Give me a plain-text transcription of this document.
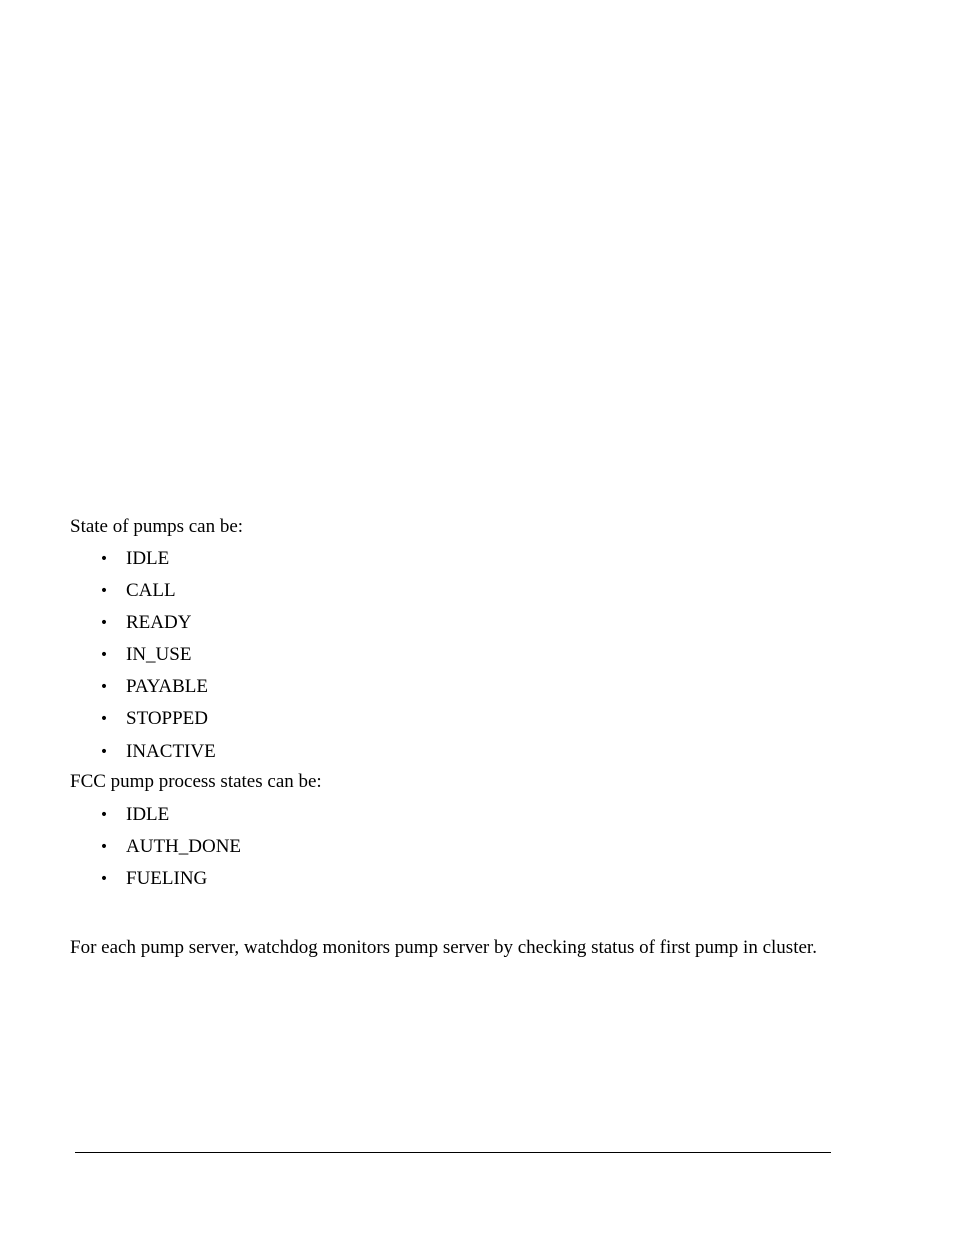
State of pumps can be:

• IDLE
• CALL
• READY
• IN_USE
• PAYABLE
• STOPPED
• INACTIVE

FCC pump process states can be:

• IDLE
• AUTH_DONE
• FUELING

For each pump server, watchdog monitors pump server by checking status of first pump in cluster.
